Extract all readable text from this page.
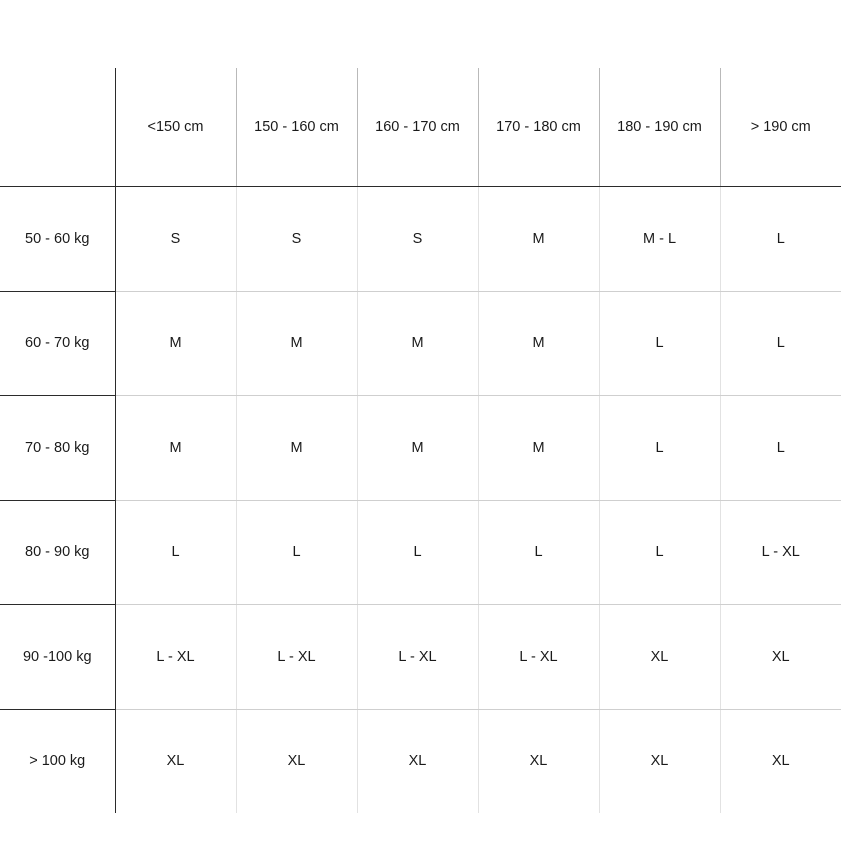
	<150 cm	150 - 160 cm	160 - 170 cm	170 - 180 cm	180 - 190 cm	> 190 cm
50 - 60 kg	S	S	S	M	M - L	L
60 - 70 kg	M	M	M	M	L	L
70 - 80 kg	M	M	M	M	L	L
80 - 90 kg	L	L	L	L	L	L - XL
90 -100 kg	L - XL	L - XL	L - XL	L - XL	XL	XL
> 100 kg	XL	XL	XL	XL	XL	XL
